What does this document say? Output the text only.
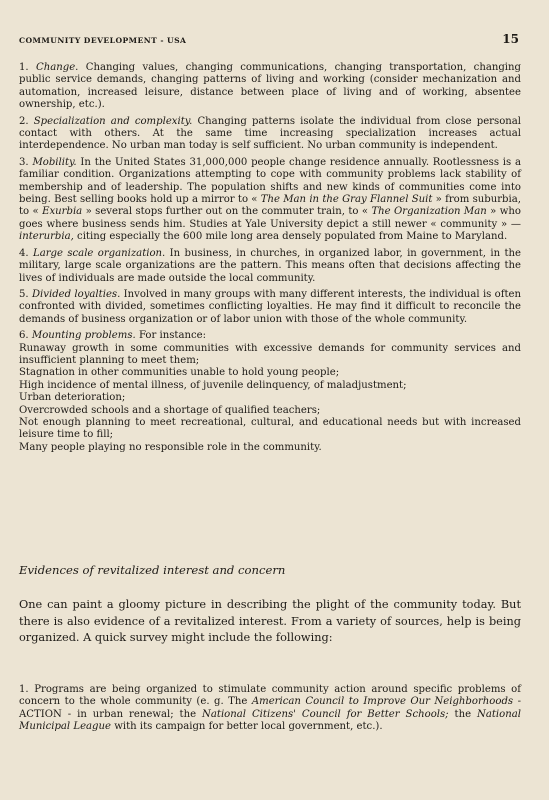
COMMUNITY DEVELOPMENT - USA	15

1. Change. Changing values, changing communications, changing transportation, changing public service demands, changing patterns of living and working (consider mechanization and automation, increased leisure, distance between place of living and of working, absentee ownership, etc.).

2. Specialization and complexity. Changing patterns isolate the individual from close personal contact with others. At the same time increasing specialization increases actual interdependence. No urban man today is self sufficient. No urban community is independent.

3. Mobility. In the United States 31,000,000 people change residence annually. Rootlessness is a familiar condition. Organizations attempting to cope with community problems lack stability of membership and of leadership. The population shifts and new kinds of communities come into being. Best selling books hold up a mirror to « The Man in the Gray Flannel Suit » from suburbia, to « Exurbia » several stops further out on the commuter train, to « The Organization Man » who goes where business sends him. Studies at Yale University depict a still newer « community » — interurbia, citing especially the 600 mile long area densely populated from Maine to Maryland.

4. Large scale organization. In business, in churches, in organized labor, in government, in the military, large scale organizations are the pattern. This means often that decisions affecting the lives of individuals are made outside the local community.

5. Divided loyalties. Involved in many groups with many different interests, the individual is often confronted with divided, sometimes conflicting loyalties. He may find it difficult to reconcile the demands of business organization or of labor union with those of the whole community.

6. Mounting problems. For instance:
Runaway growth in some communities with excessive demands for community services and insufficient planning to meet them;
Stagnation in other communities unable to hold young people;
High incidence of mental illness, of juvenile delinquency, of maladjustment;
Urban deterioration;
Overcrowded schools and a shortage of qualified teachers;
Not enough planning to meet recreational, cultural, and educational needs but with increased leisure time to fill;
Many people playing no responsible role in the community.
Evidences of revitalized interest and concern

One can paint a gloomy picture in describing the plight of the community today. But there is also evidence of a revitalized interest. From a variety of sources, help is being organized. A quick survey might include the following:

1. Programs are being organized to stimulate community action around specific problems of concern to the whole community (e. g. The American Council to Improve Our Neighborhoods - ACTION - in urban renewal; the National Citizens' Council for Better Schools; the National Municipal League with its campaign for better local government, etc.).
